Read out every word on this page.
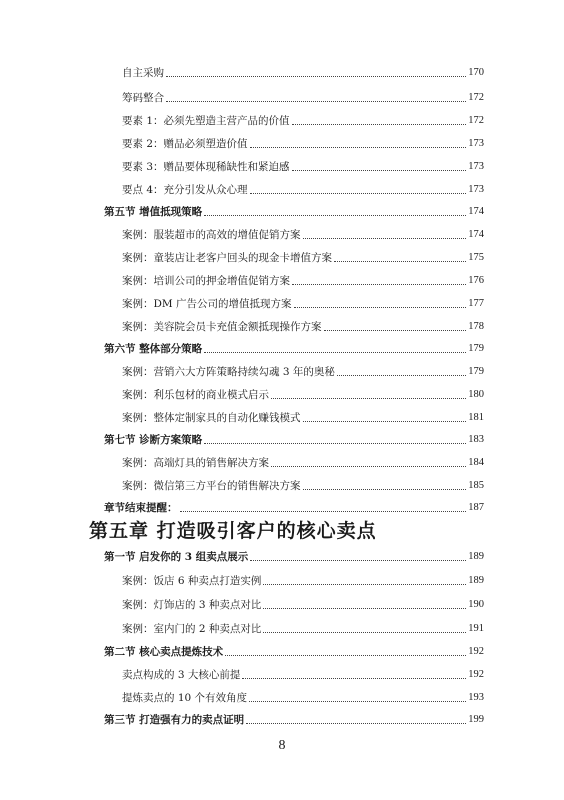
自主采购	170
筹码整合	172
要素 1：必须先塑造主营产品的价值	172
要素 2：赠品必须塑造价值	173
要素 3：赠品要体现稀缺性和紧迫感	173
要点 4：充分引发从众心理	173
第五节 增值抵现策略	174
案例：服装超市的高效的增值促销方案	174
案例：童装店让老客户回头的现金卡增值方案	175
案例：培训公司的押金增值促销方案	176
案例：DM 广告公司的增值抵现方案	177
案例：美容院会员卡充值金额抵现操作方案	178
第六节 整体部分策略	179
案例：营销六大方阵策略持续勾魂 3 年的奥秘	179
案例：利乐包材的商业模式启示	180
案例：整体定制家具的自动化赚钱模式	181
第七节 诊断方案策略	183
案例：高端灯具的销售解决方案	184
案例：微信第三方平台的销售解决方案	185
章节结束提醒：	187
第五章 打造吸引客户的核心卖点
第一节 启发你的 3 组卖点展示	189
案例：饭店 6 种卖点打造实例	189
案例：灯饰店的 3 种卖点对比	190
案例：室内门的 2 种卖点对比	191
第二节 核心卖点提炼技术	192
卖点构成的 3 大核心前提	192
提炼卖点的 10 个有效角度	193
第三节 打造强有力的卖点证明	199
8
